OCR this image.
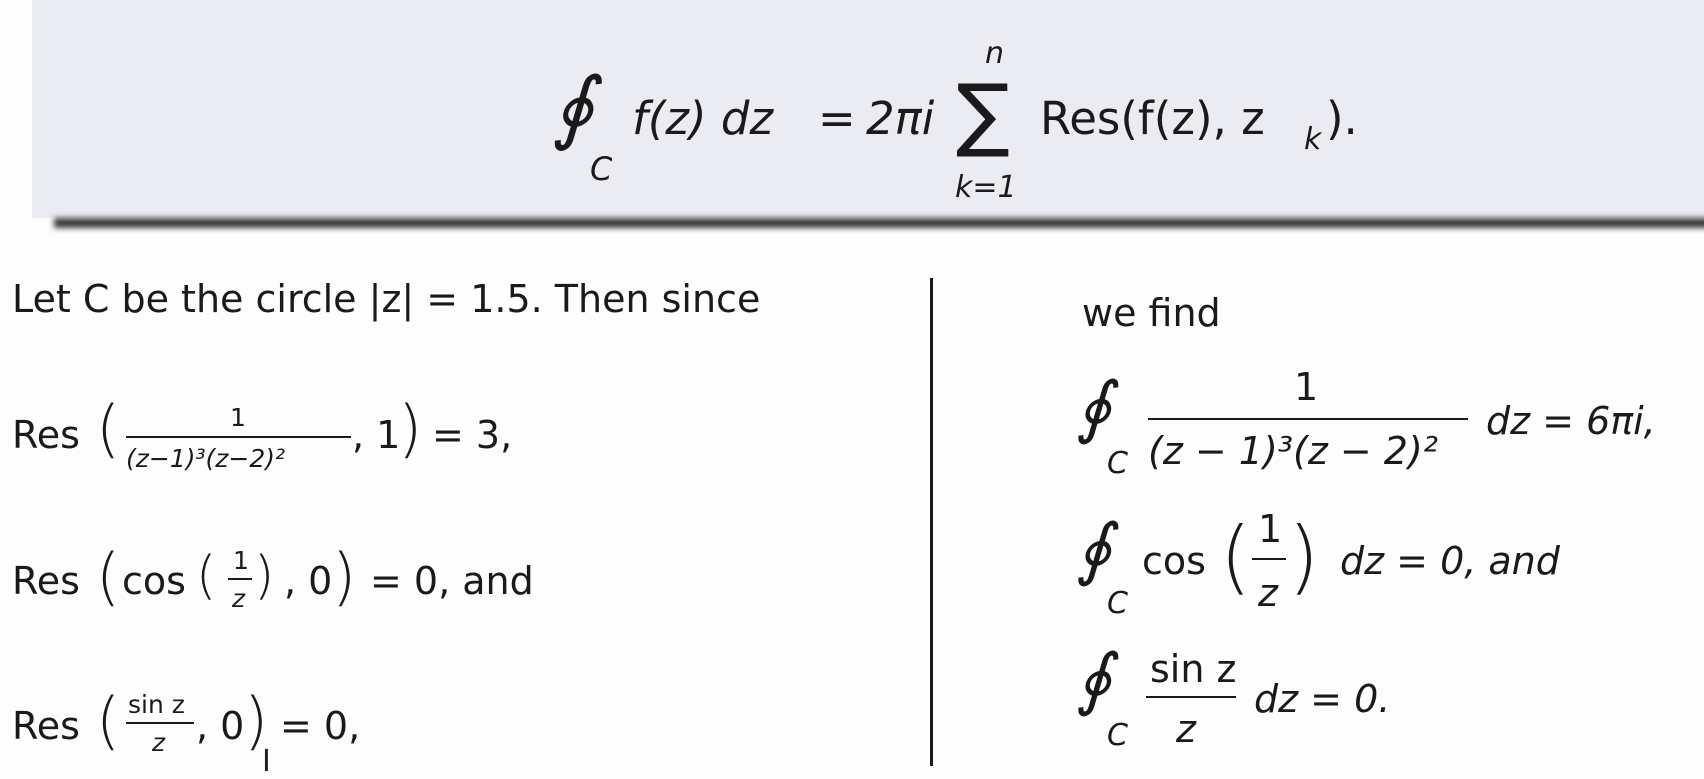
∮
C
f(z) dz = 2πi ∑
n
k=1
Res(f(z), z k ).
Let C be the circle |z| = 1.5. Then since
Res (	1
(z−1)³(z−2)²
, 1
) = 3,
Res ( cos ( 1
z ) , 0 ) = 0, and
Res ( sin z
z , 0 ) = 0,
we find
∮
C
1
(z − 1)³(z − 2)²
dz = 6πi,
∮
C
cos ( 1
z ) dz = 0, and
∮
C
sin z
z
dz = 0.
I
